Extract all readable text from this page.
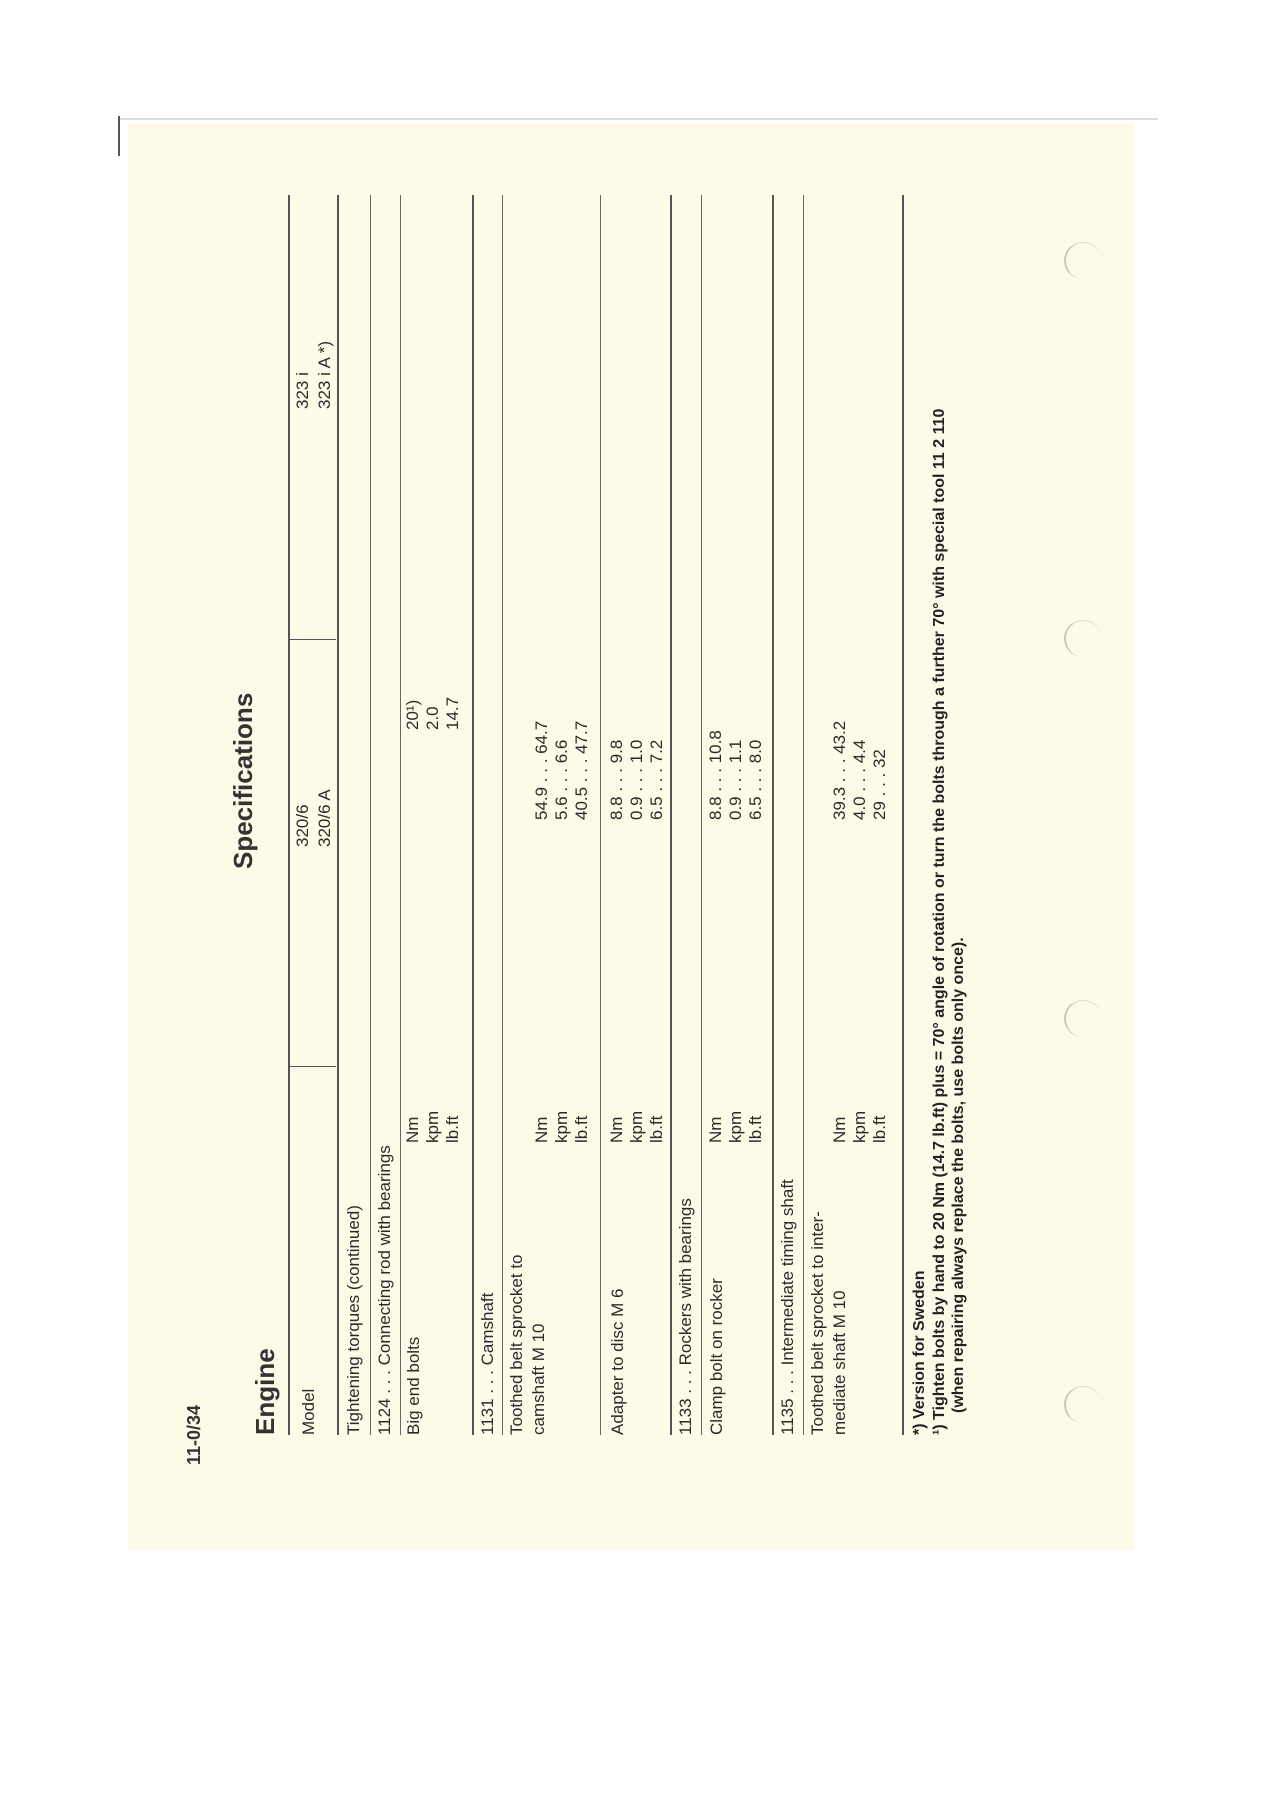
11-0/34 Engine
Specifications
Model
320/6 320/6 A
323 i 323 i A *)
Tightening torques (continued) 1124 . . . Connecting rod with bearings Big end bolts
Nm kpm lb.ft
20¹) 2.0 14.7
1131 . . . Camshaft Toothed belt sprocket to camshaft M 10
Nm kpm lb.ft
54.9 . . . 64.7 5.6 . . . 6.6 40.5 . . . 47.7
Adapter to disc M 6
Nm kpm lb.ft
8.8 . . . 9.8 0.9 . . . 1.0 6.5 . . . 7.2
1133 . . . Rockers with bearings Clamp bolt on rocker
Nm kpm lb.ft
8.8 . . . 10.8 0.9 . . . 1.1 6.5 . . . 8.0
1135 . . . Intermediate timing shaft Toothed belt sprocket to inter- mediate shaft M 10
Nm kpm lb.ft
39.3 . . . 43.2 4.0 . . . 4.4 29 . . . 32
*) Version for Sweden ¹) Tighten bolts by hand to 20 Nm (14.7 lb.ft) plus = 70° angle of rotation or turn the bolts through a further 70° with special tool 11 2 110 (when repairing always replace the bolts, use bolts only once).
